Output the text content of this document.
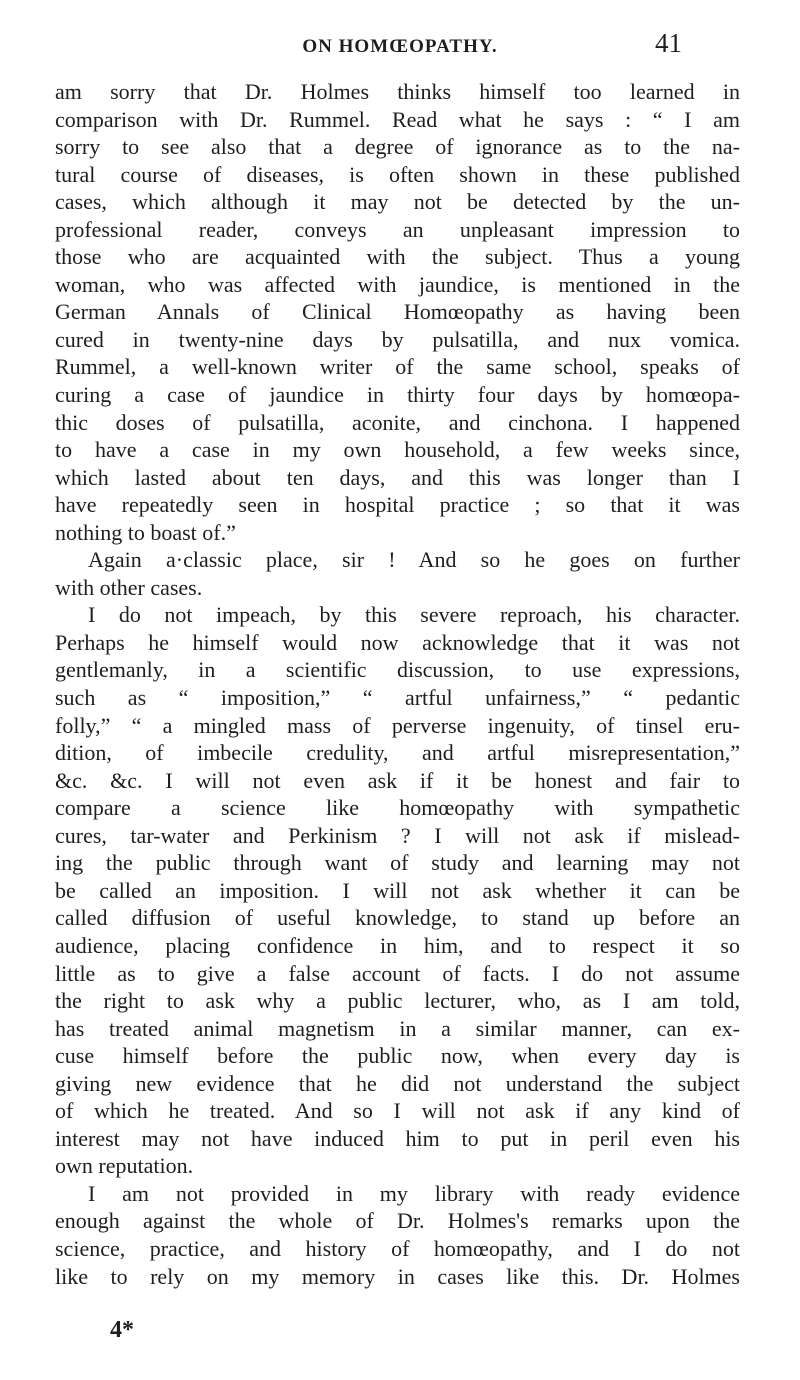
ON HOMŒOPATHY.	41
am sorry that Dr. Holmes thinks himself too learned in
comparison with Dr. Rummel. Read what he says : “ I am
sorry to see also that a degree of ignorance as to the na-
tural course of diseases, is often shown in these published
cases, which although it may not be detected by the un-
professional reader, conveys an unpleasant impression to
those who are acquainted with the subject. Thus a young
woman, who was affected with jaundice, is mentioned in the
German Annals of Clinical Homœopathy as having been
cured in twenty-nine days by pulsatilla, and nux vomica.
Rummel, a well-known writer of the same school, speaks of
curing a case of jaundice in thirty four days by homœopa-
thic doses of pulsatilla, aconite, and cinchona. I happened
to have a case in my own household, a few weeks since,
which lasted about ten days, and this was longer than I
have repeatedly seen in hospital practice ; so that it was
nothing to boast of.”
Again a·classic place, sir ! And so he goes on further
with other cases.
I do not impeach, by this severe reproach, his character.
Perhaps he himself would now acknowledge that it was not
gentlemanly, in a scientific discussion, to use expressions,
such as “ imposition,” “ artful unfairness,” “ pedantic
folly,” “ a mingled mass of perverse ingenuity, of tinsel eru-
dition, of imbecile credulity, and artful misrepresentation,”
&c. &c. I will not even ask if it be honest and fair to
compare a science like homœopathy with sympathetic
cures, tar-water and Perkinism ? I will not ask if mislead-
ing the public through want of study and learning may not
be called an imposition. I will not ask whether it can be
called diffusion of useful knowledge, to stand up before an
audience, placing confidence in him, and to respect it so
little as to give a false account of facts. I do not assume
the right to ask why a public lecturer, who, as I am told,
has treated animal magnetism in a similar manner, can ex-
cuse himself before the public now, when every day is
giving new evidence that he did not understand the subject
of which he treated. And so I will not ask if any kind of
interest may not have induced him to put in peril even his
own reputation.
I am not provided in my library with ready evidence
enough against the whole of Dr. Holmes's remarks upon the
science, practice, and history of homœopathy, and I do not
like to rely on my memory in cases like this. Dr. Holmes
4*
